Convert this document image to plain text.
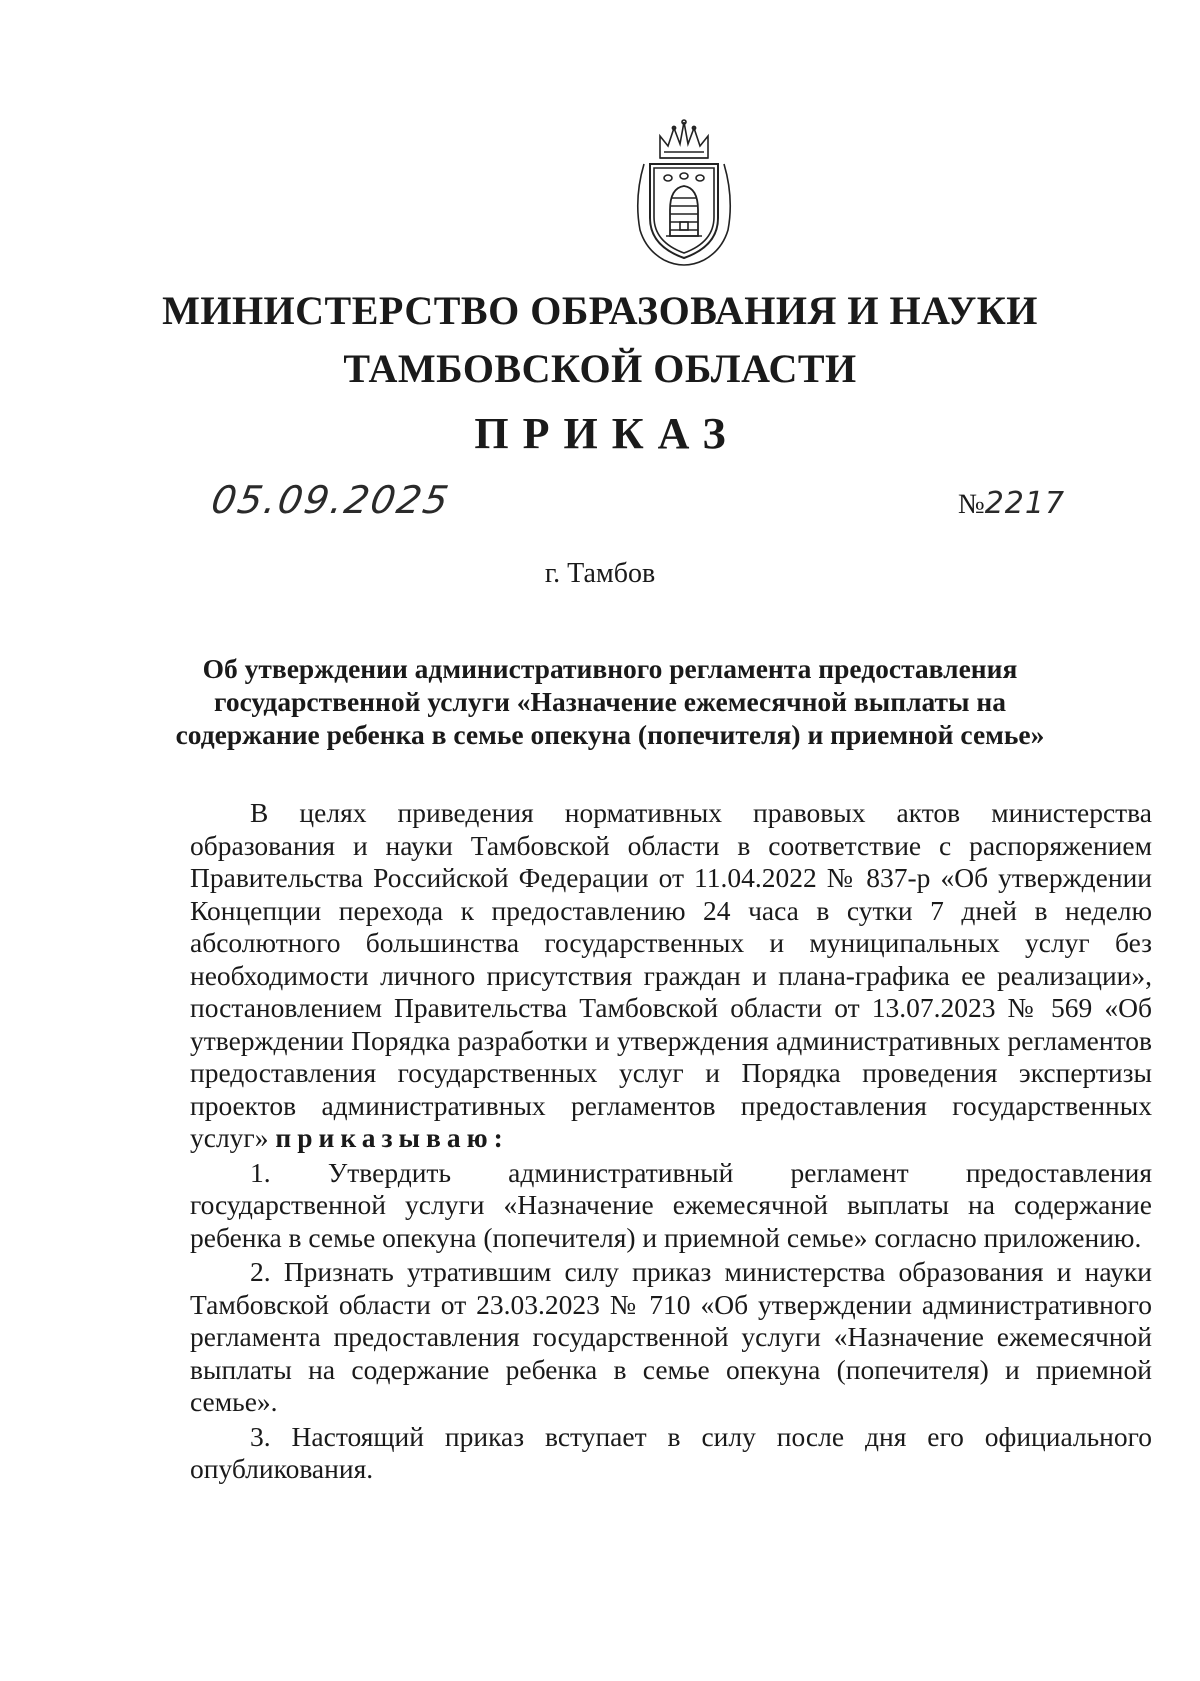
МИНИСТЕРСТВО ОБРАЗОВАНИЯ И НАУКИ
ТАМБОВСКОЙ ОБЛАСТИ
ПРИКАЗ
05.09.2025	№2217
г. Тамбов
Об утверждении административного регламента предоставления
государственной услуги «Назначение ежемесячной выплаты на
содержание ребенка в семье опекуна (попечителя) и приемной семье»

В целях приведения нормативных правовых актов министерства образования и науки Тамбовской области в соответствие с распоряжением Правительства Российской Федерации от 11.04.2022 № 837-р «Об утверждении Концепции перехода к предоставлению 24 часа в сутки 7 дней в неделю абсолютного большинства государственных и муниципальных услуг без необходимости личного присутствия граждан и плана-графика ее реализации», постановлением Правительства Тамбовской области от 13.07.2023 № 569 «Об утверждении Порядка разработки и утверждения административных регламентов предоставления государственных услуг и Порядка проведения экспертизы проектов административных регламентов предоставления государственных услуг» приказываю:

1. Утвердить административный регламент предоставления государственной услуги «Назначение ежемесячной выплаты на содержание ребенка в семье опекуна (попечителя) и приемной семье» согласно приложению.

2. Признать утратившим силу приказ министерства образования и науки Тамбовской области от 23.03.2023 № 710 «Об утверждении административного регламента предоставления государственной услуги «Назначение ежемесячной выплаты на содержание ребенка в семье опекуна (попечителя) и приемной семье».

3. Настоящий приказ вступает в силу после дня его официального опубликования.
